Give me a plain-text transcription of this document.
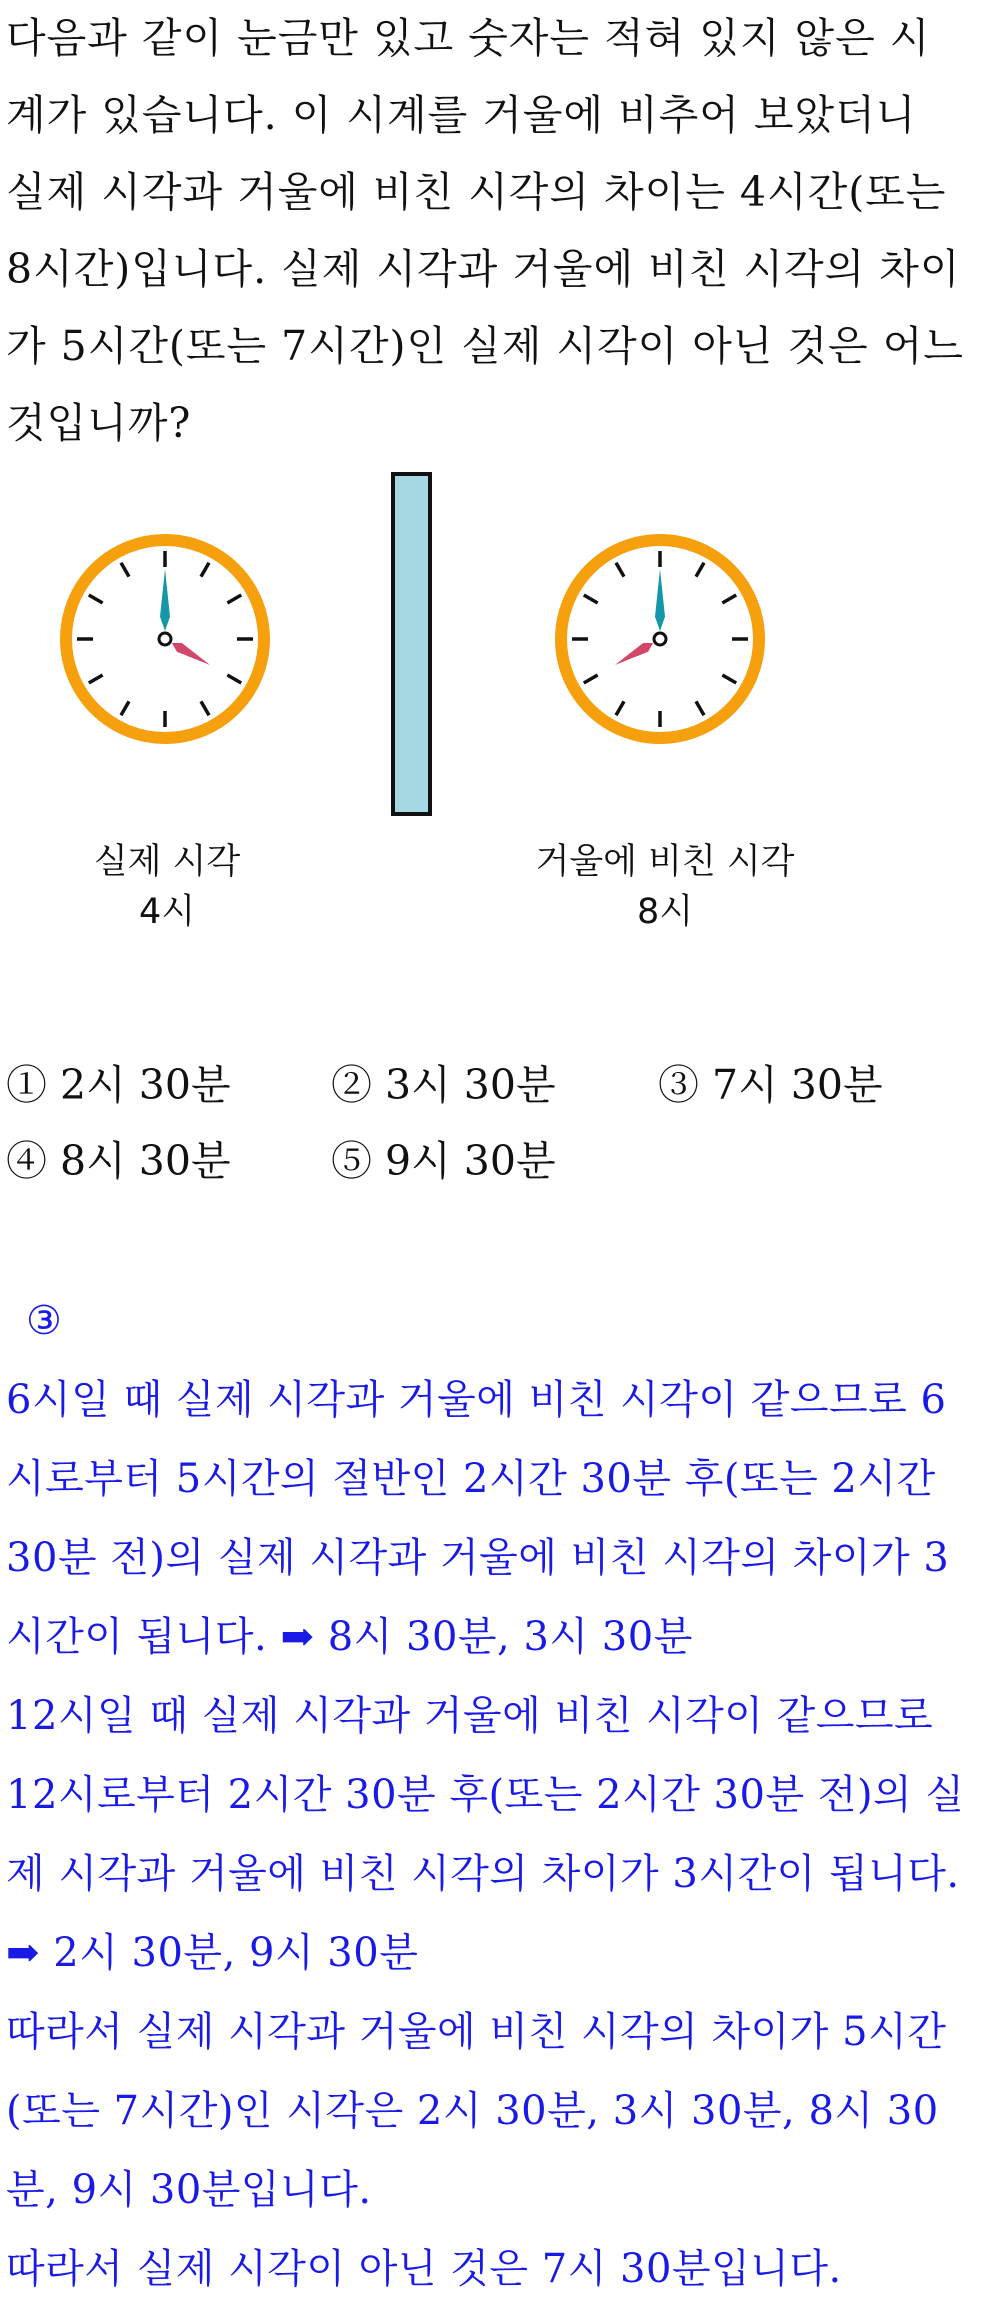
다음과 같이 눈금만 있고 숫자는 적혀 있지 않은 시
계가 있습니다. 이 시계를 거울에 비추어 보았더니
실제 시각과 거울에 비친 시각의 차이는 4시간(또는
8시간)입니다. 실제 시각과 거울에 비친 시각의 차이
가 5시간(또는 7시간)인 실제 시각이 아닌 것은 어느
것입니까?
실제 시각
4시
거울에 비친 시각
8시
① 2시 30분 ② 3시 30분 ③ 7시 30분
④ 8시 30분 ⑤ 9시 30분
③
6시일 때 실제 시각과 거울에 비친 시각이 같으므로 6
시로부터 5시간의 절반인 2시간 30분 후(또는 2시간
30분 전)의 실제 시각과 거울에 비친 시각의 차이가 3
시간이 됩니다. ➡ 8시 30분, 3시 30분
12시일 때 실제 시각과 거울에 비친 시각이 같으므로
12시로부터 2시간 30분 후(또는 2시간 30분 전)의 실
제 시각과 거울에 비친 시각의 차이가 3시간이 됩니다.
➡ 2시 30분, 9시 30분
따라서 실제 시각과 거울에 비친 시각의 차이가 5시간
(또는 7시간)인 시각은 2시 30분, 3시 30분, 8시 30
분, 9시 30분입니다.
따라서 실제 시각이 아닌 것은 7시 30분입니다.
